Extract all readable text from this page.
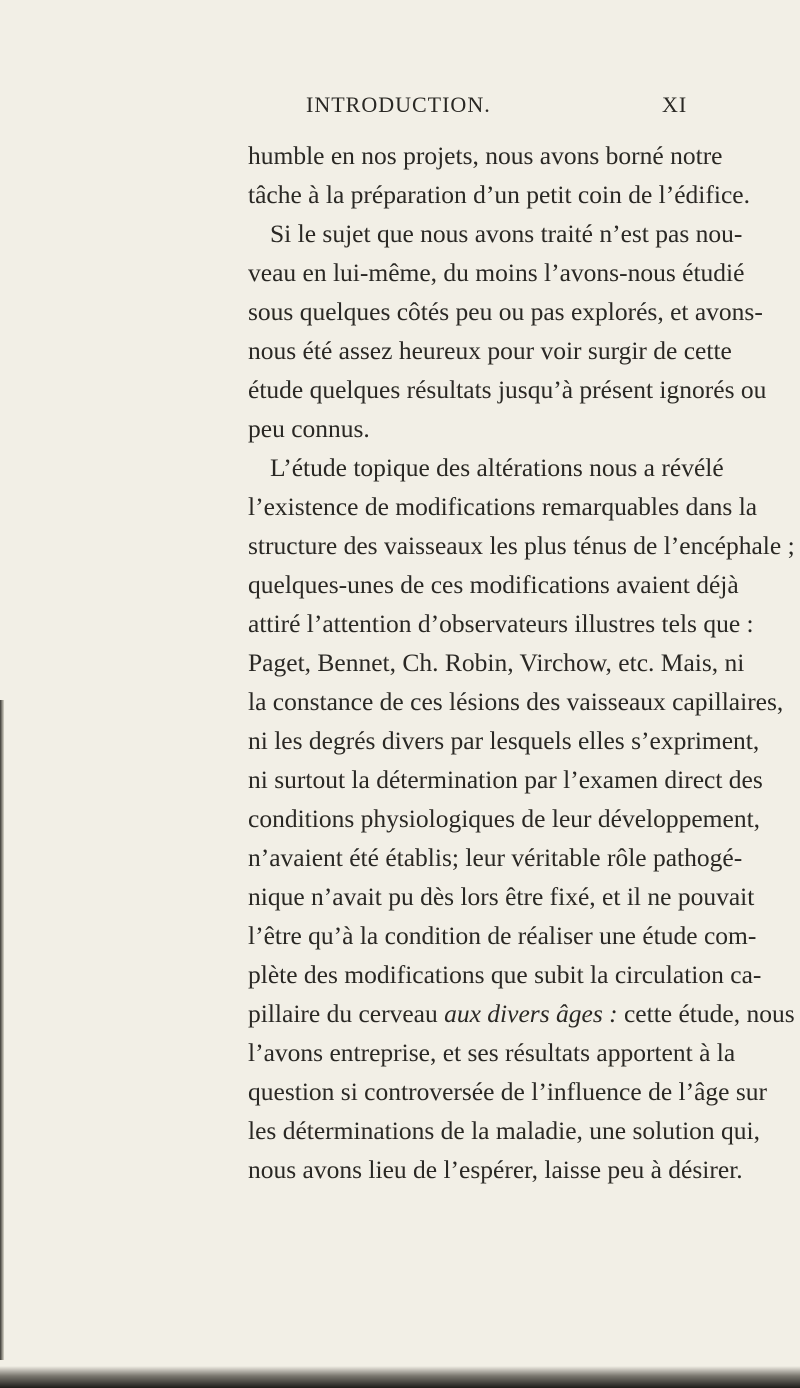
INTRODUCTION.	XI
humble en nos projets, nous avons borné notre
tâche à la préparation d’un petit coin de l’édifice.
Si le sujet que nous avons traité n’est pas nou-
veau en lui-même, du moins l’avons-nous étudié
sous quelques côtés peu ou pas explorés, et avons-
nous été assez heureux pour voir surgir de cette
étude quelques résultats jusqu’à présent ignorés ou
peu connus.
L’étude topique des altérations nous a révélé
l’existence de modifications remarquables dans la
structure des vaisseaux les plus ténus de l’encéphale ;
quelques-unes de ces modifications avaient déjà
attiré l’attention d’observateurs illustres tels que :
Paget, Bennet, Ch. Robin, Virchow, etc. Mais, ni
la constance de ces lésions des vaisseaux capillaires,
ni les degrés divers par lesquels elles s’expriment,
ni surtout la détermination par l’examen direct des
conditions physiologiques de leur développement,
n’avaient été établis; leur véritable rôle pathogé-
nique n’avait pu dès lors être fixé, et il ne pouvait
l’être qu’à la condition de réaliser une étude com-
plète des modifications que subit la circulation ca-
pillaire du cerveau aux divers âges : cette étude, nous
l’avons entreprise, et ses résultats apportent à la
question si controversée de l’influence de l’âge sur
les déterminations de la maladie, une solution qui,
nous avons lieu de l’espérer, laisse peu à désirer.
